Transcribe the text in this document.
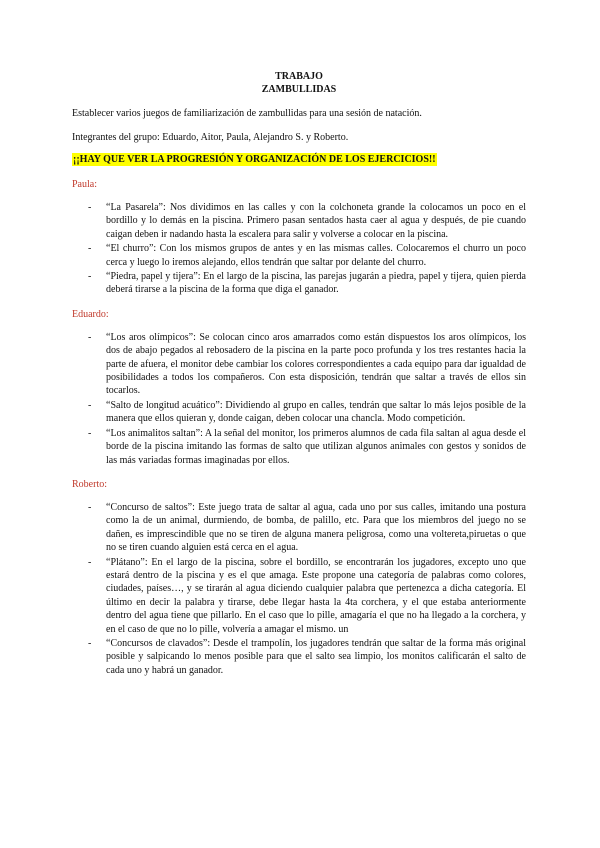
TRABAJO
ZAMBULLIDAS

Establecer varios juegos de familiarización de zambullidas para una sesión de natación.

Integrantes del grupo: Eduardo, Aitor, Paula, Alejandro S. y Roberto.

¡¡HAY QUE VER LA PROGRESIÓN Y ORGANIZACIÓN DE LOS EJERCICIOS!!
Paula:
- “La Pasarela”: Nos dividimos en las calles y con la colchoneta grande la colocamos un poco en el bordillo y lo demás en la piscina. Primero pasan sentados hasta caer al agua y después, de pie cuando caigan deben ir nadando hasta la escalera para salir y volverse a colocar en la piscina.
- “El churro”: Con los mismos grupos de antes y en las mismas calles. Colocaremos el churro un poco cerca y luego lo iremos alejando, ellos tendrán que saltar por delante del churro.
- “Piedra, papel y tijera”: En el largo de la piscina, las parejas jugarán a piedra, papel y tijera, quien pierda deberá tirarse a la piscina de la forma que diga el ganador.
Eduardo:
- “Los aros olímpicos”: Se colocan cinco aros amarrados como están dispuestos los aros olímpicos, los dos de abajo pegados al rebosadero de la piscina en la parte poco profunda y los tres restantes hacia la parte de afuera, el monitor debe cambiar los colores correspondientes a cada equipo para dar igualdad de posibilidades a todos los compañeros. Con esta disposición, tendrán que saltar a través de ellos sin tocarlos.
- “Salto de longitud acuático”: Dividiendo al grupo en calles, tendrán que saltar lo más lejos posible de la manera que ellos quieran y, donde caigan, deben colocar una chancla. Modo competición.
- “Los animalitos saltan”: A la señal del monitor, los primeros alumnos de cada fila saltan al agua desde el borde de la piscina imitando las formas de salto que utilizan algunos animales con gestos y sonidos de las más variadas formas imaginadas por ellos.
Roberto:
- “Concurso de saltos”: Este juego trata de saltar al agua, cada uno por sus calles, imitando una postura como la de un animal, durmiendo, de bomba, de palillo, etc. Para que los miembros del juego no se dañen, es imprescindible que no se tiren de alguna manera peligrosa, como una voltereta,piruetas o que no se tiren cuando alguien está cerca en el agua.
- “Plátano”: En el largo de la piscina, sobre el bordillo, se encontrarán los jugadores, excepto uno que estará dentro de la piscina y es el que amaga. Este propone una categoría de palabras como colores, ciudades, países…, y se tirarán al agua diciendo cualquier palabra que pertenezca a dicha categoría. El último en decir la palabra y tirarse, debe llegar hasta la 4ta corchera, y el que estaba anteriormente dentro del agua tiene que pillarlo. En el caso que lo pille, amagaría el que no ha llegado a la corchera, y en el caso de que no lo pille, volvería a amagar el mismo. un
- “Concursos de clavados”: Desde el trampolín, los jugadores tendrán que saltar de la forma más original posible y salpicando lo menos posible para que el salto sea limpio, los monitos calificarán el salto de cada uno y habrá un ganador.
